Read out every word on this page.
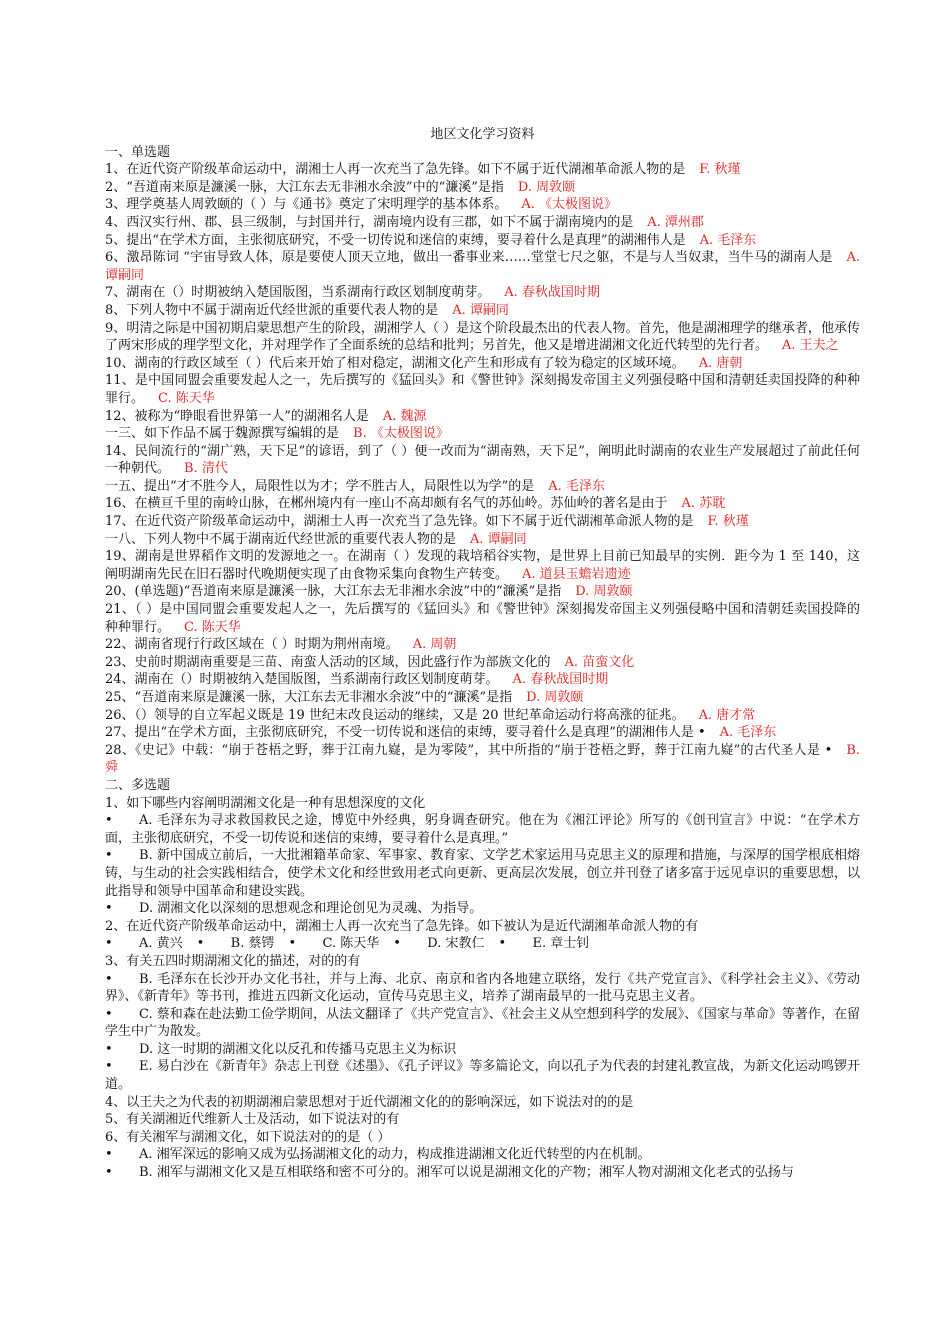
地区文化学习资料

一、单选题

1、在近代资产阶级革命运动中，湖湘士人再一次充当了急先锋。如下不属于近代湖湘革命派人物的是 F. 秋瑾

2、“吾道南来原是濂溪一脉，大江东去无非湘水余波”中的“濂溪”是指 D. 周敦颐

3、理学奠基人周敦颐的（ ）与《通书》奠定了宋明理学的基本体系。 A. 《太极图说》

4、西汉实行州、郡、县三级制，与封国并行，湖南境内设有三郡，如下不属于湖南境内的是 A. 潭州郡

5、提出“在学术方面，主张彻底研究，不受一切传说和迷信的束缚，要寻着什么是真理”的湖湘伟人是 A. 毛泽东

6、激昂陈词 “宇宙导致人体，原是要使人顶天立地，做出一番事业来……堂堂七尺之躯，不是与人当奴隶，当牛马的湖南人是 A. 谭嗣同

7、湖南在（）时期被纳入楚国版图，当系湖南行政区划制度萌芽。 A. 春秋战国时期

8、下列人物中不属于湖南近代经世派的重要代表人物的是 A. 谭嗣同

9、明清之际是中国初期启蒙思想产生的阶段，湖湘学人（ ）是这个阶段最杰出的代表人物。首先，他是湖湘理学的继承者，他承传了两宋形成的理学型文化，并对理学作了全面系统的总结和批判；另首先，他又是增进湖湘文化近代转型的先行者。 A. 王夫之

10、湖南的行政区域至（ ）代后来开始了相对稳定，湖湘文化产生和形成有了较为稳定的区域环境。 A. 唐朝

11、是中国同盟会重要发起人之一，先后撰写的《猛回头》和《警世钟》深刻揭发帝国主义列强侵略中国和清朝廷卖国投降的种种罪行。 C. 陈天华

12、被称为“睁眼看世界第一人”的湖湘名人是 A. 魏源

一三、如下作品不属于魏源撰写编辑的是 B. 《太极图说》

14、民间流行的“湖广熟，天下足”的谚语，到了（ ）便一改而为“湖南熟，天下足”，阐明此时湖南的农业生产发展超过了前此任何一种朝代。 B. 清代

一五、提出“才不胜今人，局限性以为才；学不胜古人，局限性以为学”的是 A. 毛泽东

16、在横亘千里的南岭山脉，在郴州境内有一座山不高却颇有名气的苏仙岭。苏仙岭的著名是由于 A. 苏耽

17、在近代资产阶级革命运动中，湖湘士人再一次充当了急先锋。如下不属于近代湖湘革命派人物的是 F. 秋瑾

一八、下列人物中不属于湖南近代经世派的重要代表人物的是 A. 谭嗣同

19、湖南是世界稻作文明的发源地之一。在湖南（ ）发现的栽培稻谷实物，是世界上目前已知最早的实例．距今为 1 至 140，这阐明湖南先民在旧石器时代晚期便实现了由食物采集向食物生产转变。 A. 道县玉蟾岩遗迹

20、(单选题)“吾道南来原是濂溪一脉，大江东去无非湘水余波”中的“濂溪”是指 D. 周敦颐

21、（ ）是中国同盟会重要发起人之一，先后撰写的《猛回头》和《警世钟》深刻揭发帝国主义列强侵略中国和清朝廷卖国投降的种种罪行。 C. 陈天华

22、湖南省现行行政区域在（ ）时期为荆州南境。 A. 周朝

23、史前时期湖南重要是三苗、南蛮人活动的区域，因此盛行作为部族文化的 A. 苗蛮文化

24、湖南在（）时期被纳入楚国版图，当系湖南行政区划制度萌芽。 A. 春秋战国时期

25、“吾道南来原是濂溪一脉，大江东去无非湘水余波”中的“濂溪”是指 D. 周敦颐

26、（）领导的自立军起义既是 19 世纪末改良运动的继续，又是 20 世纪革命运动行将高涨的征兆。 A. 唐才常

27、提出“在学术方面，主张彻底研究，不受一切传说和迷信的束缚，要寻着什么是真理”的湖湘伟人是 • A. 毛泽东

28、《史记》中载：“崩于苍梧之野，葬于江南九嶷，是为零陵”，其中所指的“崩于苍梧之野，葬于江南九嶷”的古代圣人是 • B. 舜

二、多选题

1、如下哪些内容阐明湖湘文化是一种有思想深度的文化

• A. 毛泽东为寻求救国救民之途，博览中外经典，躬身调查研究。他在为《湘江评论》所写的《创刊宣言》中说：“在学术方面，主张彻底研究，不受一切传说和迷信的束缚，要寻着什么是真理。”

• B. 新中国成立前后，一大批湘籍革命家、军事家、教育家、文学艺术家运用马克思主义的原理和措施，与深厚的国学根底相熔铸，与生动的社会实践相结合，使学术文化和经世致用老式向更新、更高层次发展，创立并刊登了诸多富于远见卓识的重要思想，以此指导和领导中国革命和建设实践。

• D. 湖湘文化以深刻的思想观念和理论创见为灵魂、为指导。

2、在近代资产阶级革命运动中，湖湘士人再一次充当了急先锋。如下被认为是近代湖湘革命派人物的有

• A. 黄兴 • B. 蔡锷 • C. 陈天华 • D. 宋教仁 • E. 章士钊

3、有关五四时期湖湘文化的描述，对的的有

• B. 毛泽东在长沙开办文化书社，并与上海、北京、南京和省内各地建立联络，发行《共产党宣言》、《科学社会主义》、《劳动界》、《新青年》等书刊，推进五四新文化运动，宣传马克思主义，培养了湖南最早的一批马克思主义者。

• C. 蔡和森在赴法勤工俭学期间，从法文翻译了《共产党宣言》、《社会主义从空想到科学的发展》、《国家与革命》等著作，在留学生中广为散发。

• D. 这一时期的湖湘文化以反孔和传播马克思主义为标识

• E. 易白沙在《新青年》杂志上刊登《述墨》、《孔子评议》等多篇论文，向以孔子为代表的封建礼教宣战，为新文化运动鸣锣开道。

4、以王夫之为代表的初期湖湘启蒙思想对于近代湖湘文化的的影响深远，如下说法对的的是

5、有关湖湘近代维新人士及活动，如下说法对的有

6、有关湘军与湖湘文化，如下说法对的的是（ ）

• A. 湘军深远的影响又成为弘扬湖湘文化的动力，构成推进湖湘文化近代转型的内在机制。

• B. 湘军与湖湘文化又是互相联络和密不可分的。湘军可以说是湖湘文化的产物；湘军人物对湖湘文化老式的弘扬与
